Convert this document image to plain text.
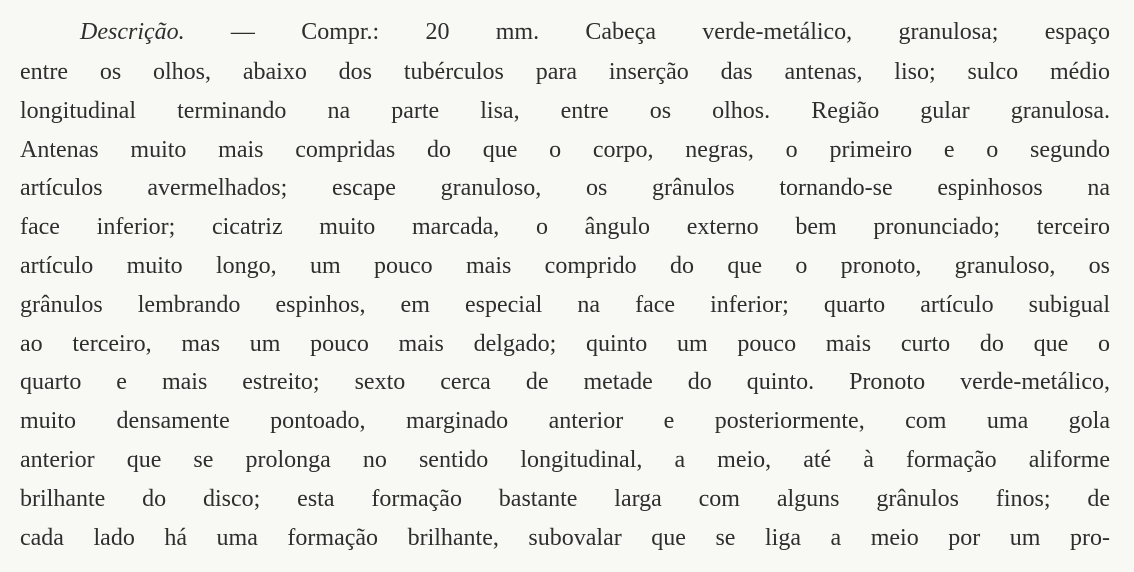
Descrição. — Compr.: 20 mm. Cabeça verde-metálico, granulosa; espaço
entre os olhos, abaixo dos tubérculos para inserção das antenas, liso; sulco médio
longitudinal terminando na parte lisa, entre os olhos. Região gular granulosa.
Antenas muito mais compridas do que o corpo, negras, o primeiro e o segundo
artículos avermelhados; escape granuloso, os grânulos tornando-se espinhosos na
face inferior; cicatriz muito marcada, o ângulo externo bem pronunciado; terceiro
artículo muito longo, um pouco mais comprido do que o pronoto, granuloso, os
grânulos lembrando espinhos, em especial na face inferior; quarto artículo subigual
ao terceiro, mas um pouco mais delgado; quinto um pouco mais curto do que o
quarto e mais estreito; sexto cerca de metade do quinto. Pronoto verde-metálico,
muito densamente pontoado, marginado anterior e posteriormente, com uma gola
anterior que se prolonga no sentido longitudinal, a meio, até à formação aliforme
brilhante do disco; esta formação bastante larga com alguns grânulos finos; de
cada lado há uma formação brilhante, subovalar que se liga a meio por um pro-
